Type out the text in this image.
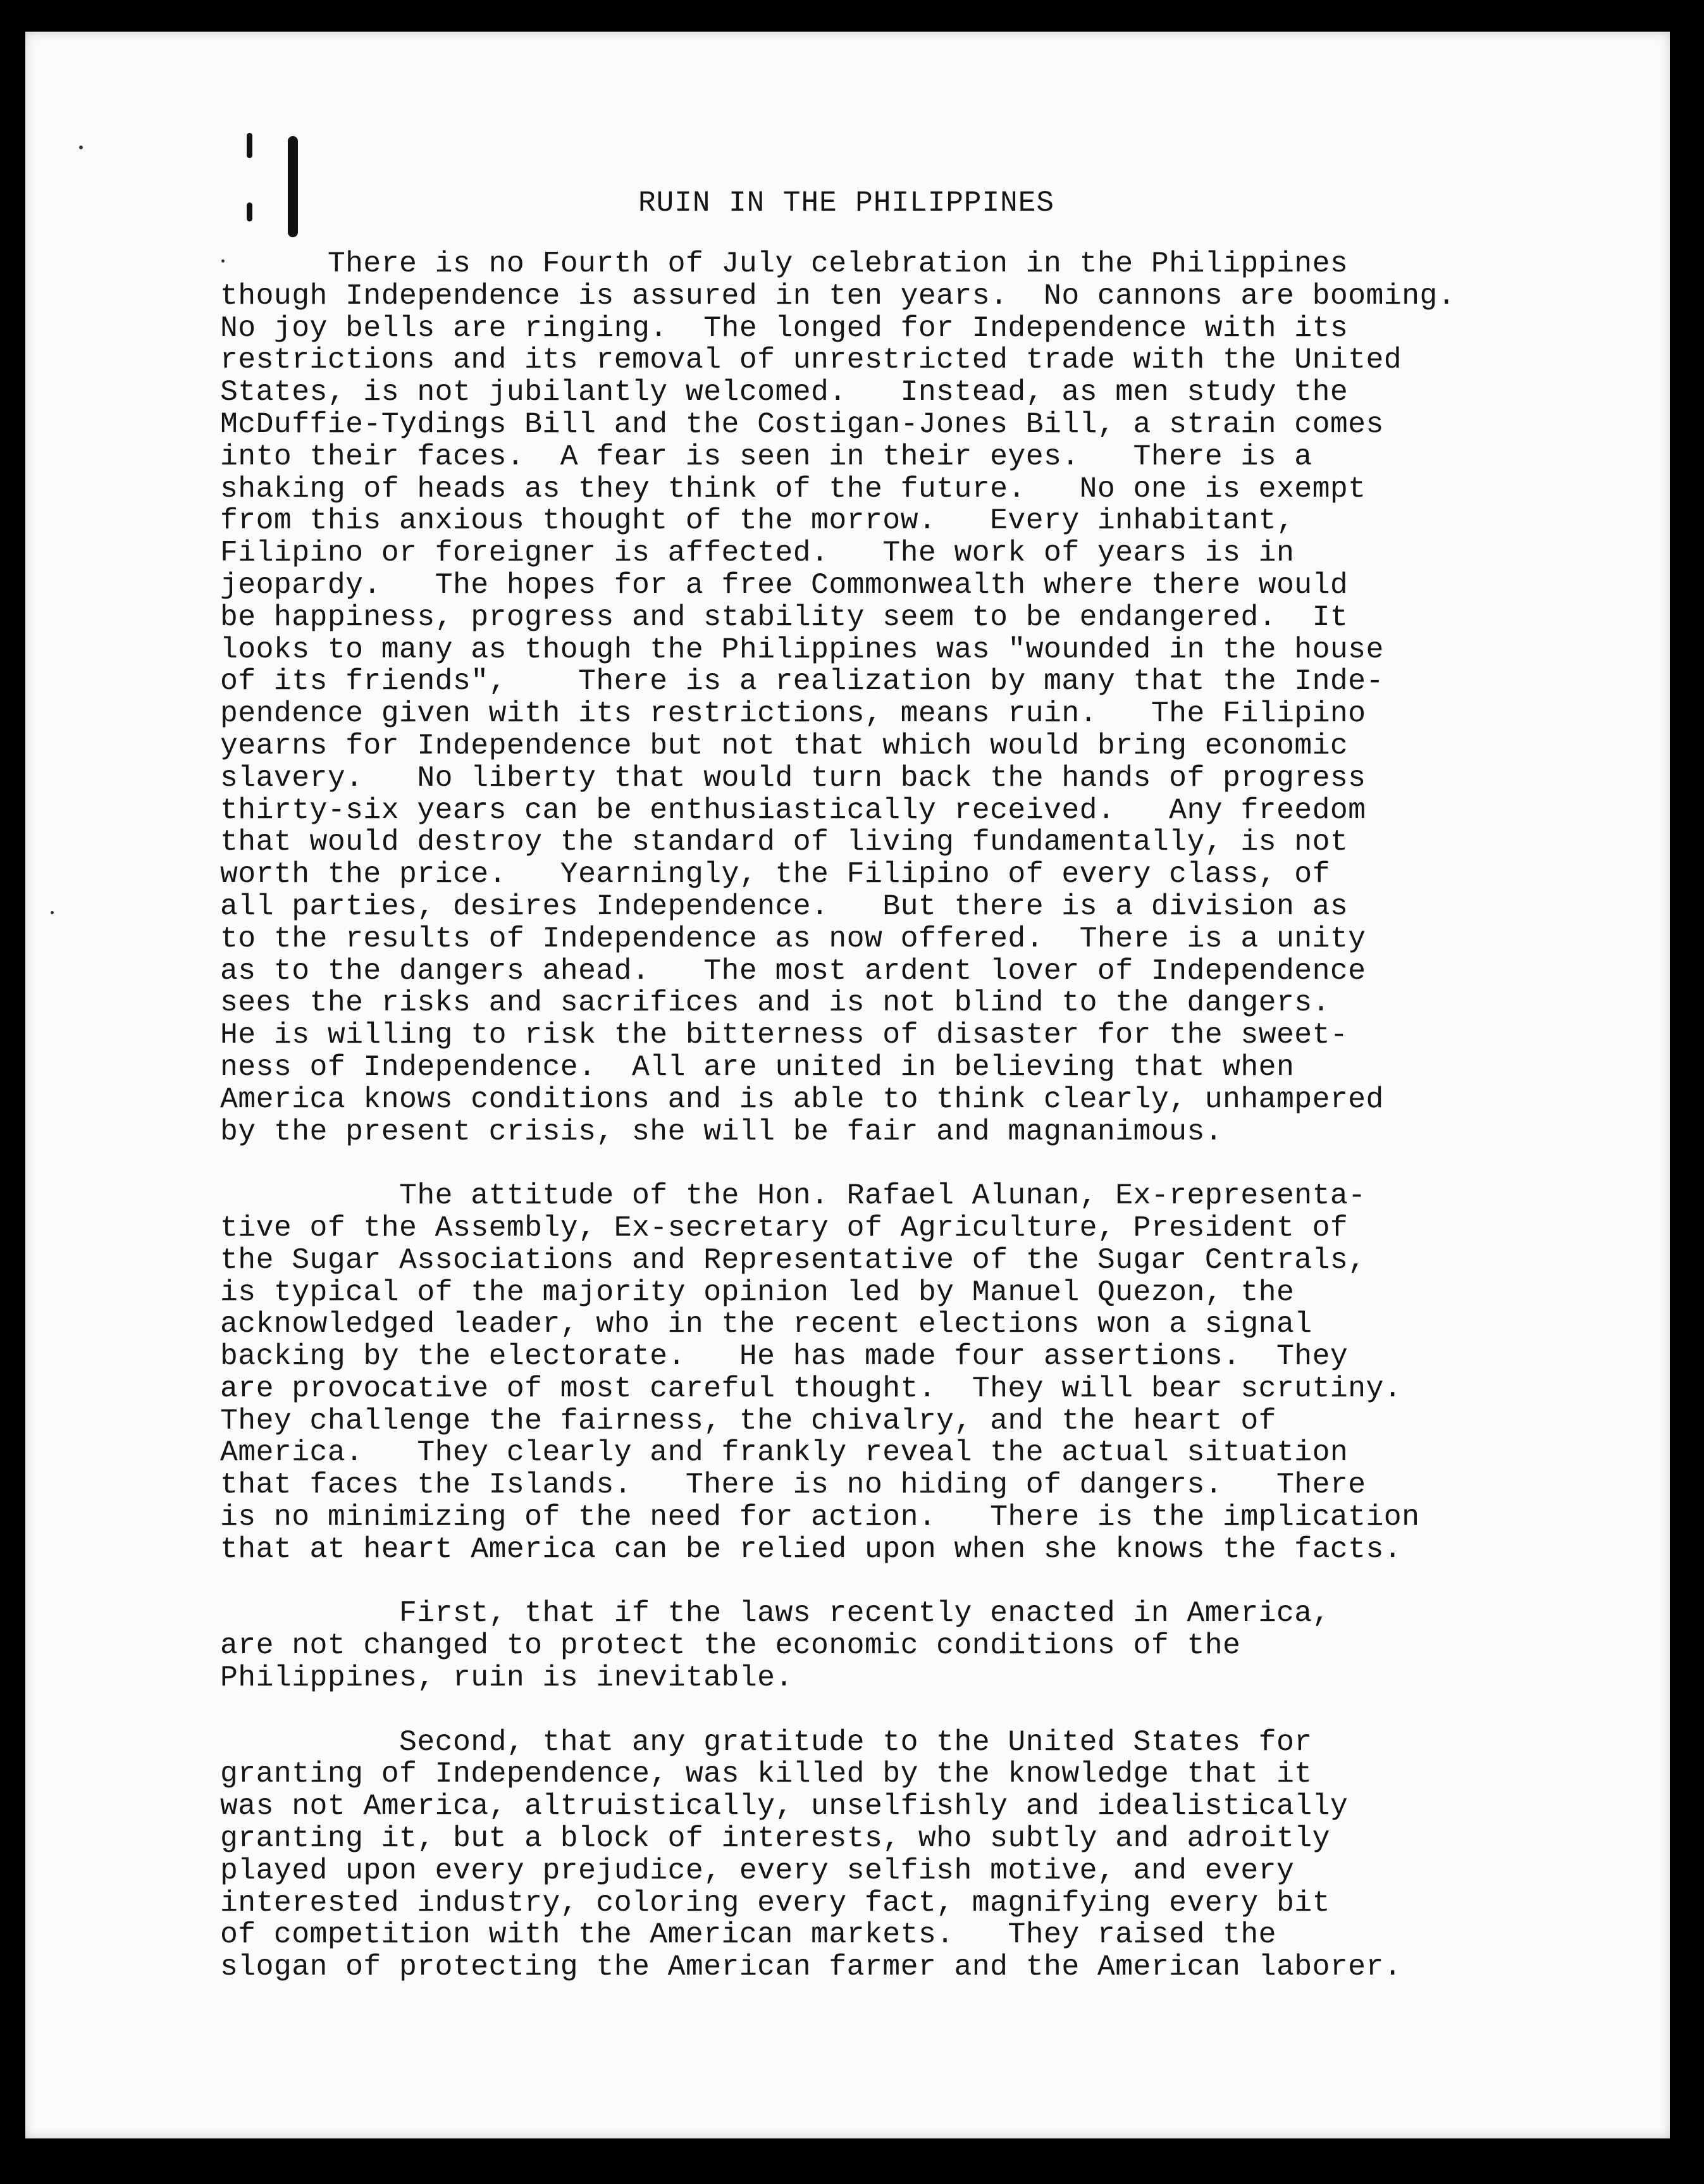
RUIN IN THE PHILIPPINES
There is no Fourth of July celebration in the Philippines
though Independence is assured in ten years.  No cannons are booming.
No joy bells are ringing.  The longed for Independence with its
restrictions and its removal of unrestricted trade with the United
States, is not jubilantly welcomed.   Instead, as men study the
McDuffie-Tydings Bill and the Costigan-Jones Bill, a strain comes
into their faces.  A fear is seen in their eyes.   There is a
shaking of heads as they think of the future.   No one is exempt
from this anxious thought of the morrow.   Every inhabitant,
Filipino or foreigner is affected.   The work of years is in
jeopardy.   The hopes for a free Commonwealth where there would
be happiness, progress and stability seem to be endangered.  It
looks to many as though the Philippines was "wounded in the house
of its friends",    There is a realization by many that the Inde-
pendence given with its restrictions, means ruin.   The Filipino
yearns for Independence but not that which would bring economic
slavery.   No liberty that would turn back the hands of progress
thirty-six years can be enthusiastically received.   Any freedom
that would destroy the standard of living fundamentally, is not
worth the price.   Yearningly, the Filipino of every class, of
all parties, desires Independence.   But there is a division as
to the results of Independence as now offered.  There is a unity
as to the dangers ahead.   The most ardent lover of Independence
sees the risks and sacrifices and is not blind to the dangers.
He is willing to risk the bitterness of disaster for the sweet-
ness of Independence.  All are united in believing that when
America knows conditions and is able to think clearly, unhampered
by the present crisis, she will be fair and magnanimous.
The attitude of the Hon. Rafael Alunan, Ex-representa-
tive of the Assembly, Ex-secretary of Agriculture, President of
the Sugar Associations and Representative of the Sugar Centrals,
is typical of the majority opinion led by Manuel Quezon, the
acknowledged leader, who in the recent elections won a signal
backing by the electorate.   He has made four assertions.  They
are provocative of most careful thought.  They will bear scrutiny.
They challenge the fairness, the chivalry, and the heart of
America.   They clearly and frankly reveal the actual situation
that faces the Islands.   There is no hiding of dangers.   There
is no minimizing of the need for action.   There is the implication
that at heart America can be relied upon when she knows the facts.
First, that if the laws recently enacted in America,
are not changed to protect the economic conditions of the
Philippines, ruin is inevitable.
Second, that any gratitude to the United States for
granting of Independence, was killed by the knowledge that it
was not America, altruistically, unselfishly and idealistically
granting it, but a block of interests, who subtly and adroitly
played upon every prejudice, every selfish motive, and every
interested industry, coloring every fact, magnifying every bit
of competition with the American markets.   They raised the
slogan of protecting the American farmer and the American laborer.
